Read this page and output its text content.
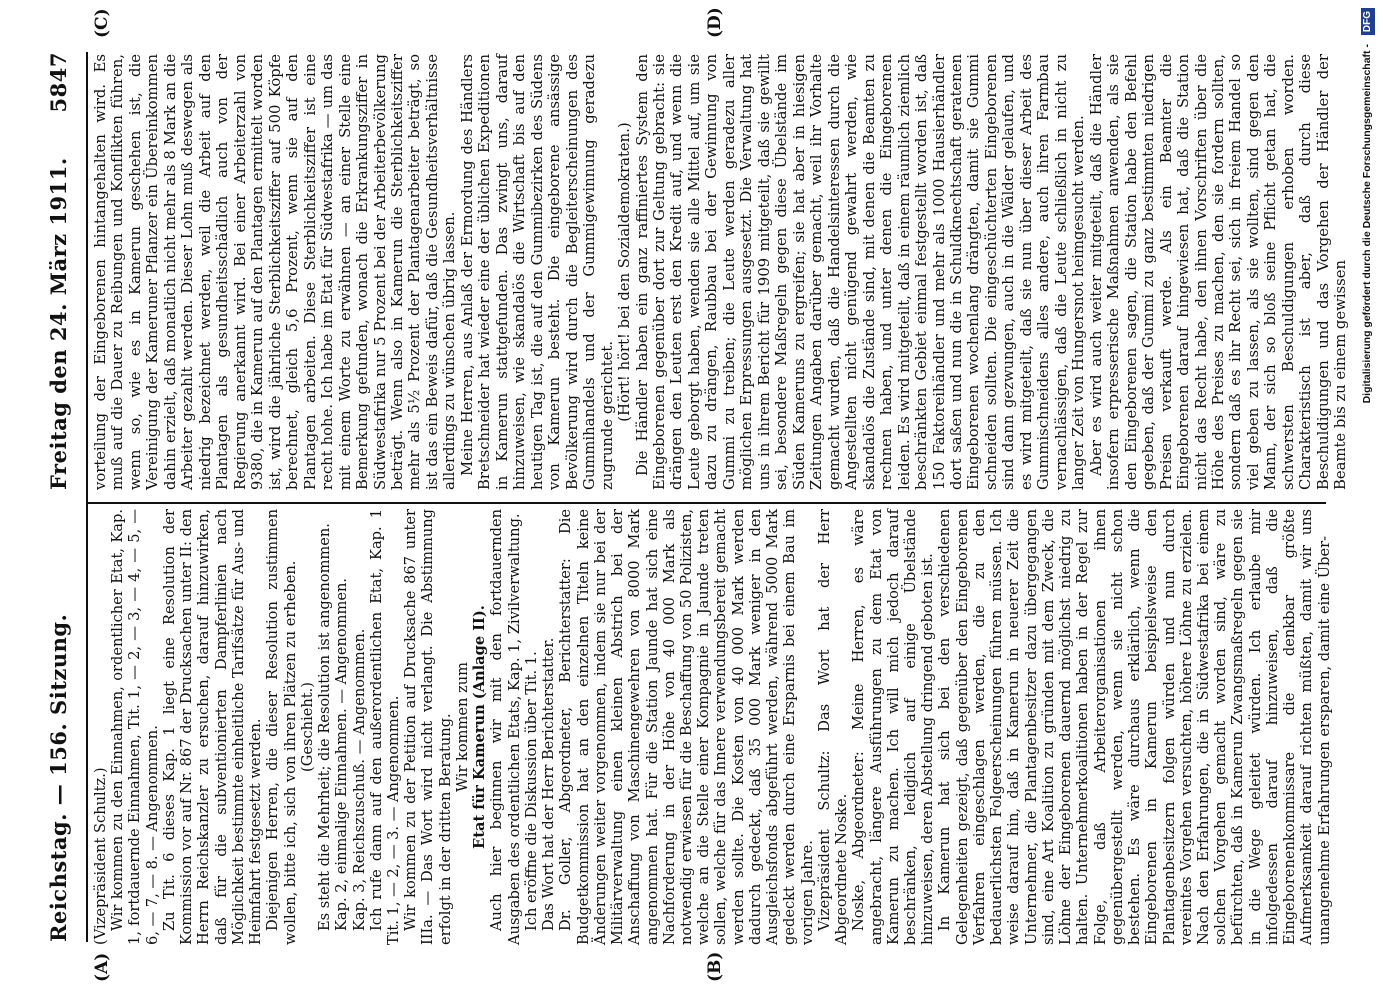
Reichstag. — 156. Sitzung.
Freitag den 24. März 1911.
5847
(A)	(B)
(C)	(D)

(Vizepräsident Schultz.) Wir kommen zu den Einnahmen, ordentlicher Etat, Kap. 1, fortdauernde Einnahmen, Tit. 1, — 2, — 3, — 4, — 5, — 6, — 7, — 8. — Angenommen. Zu Tit. 6 dieses Kap. 1 liegt eine Resolution der Kommission vor auf Nr. 867 der Drucksachen unter II: den Herrn Reichskanzler zu ersuchen, darauf hinzuwirken, daß für die subventionierten Dampferlinien nach Möglichkeit bestimmte einheitliche Tarifsätze für Aus- und Heimfahrt festgesetzt werden. Diejenigen Herren, die dieser Resolution zustimmen wollen, bitte ich, sich von ihren Plätzen zu erheben. (Geschieht.) Es steht die Mehrheit; die Resolution ist angenommen. Kap. 2, einmalige Einnahmen. — Angenommen. Kap. 3, Reichszuschuß. — Angenommen. Ich rufe dann auf den außerordentlichen Etat, Kap. 1 Tit. 1, — 2, — 3. — Angenommen. Wir kommen zu der Petition auf Drucksache 867 unter IIIa. — Das Wort wird nicht verlangt. Die Abstimmung erfolgt in der dritten Beratung. Wir kommen zum Etat für Kamerun (Anlage II). Auch hier beginnen wir mit den fortdauernden Ausgaben des ordentlichen Etats, Kap. 1, Zivilverwaltung. Ich eröffne die Diskussion über Tit. 1. Das Wort hat der Herr Berichterstatter. Dr. Goller, Abgeordneter, Berichterstatter: Die Budgetkommission hat an den einzelnen Titeln keine Änderungen weiter vorgenommen, indem sie nur bei der Militärverwaltung einen kleinen Abstrich bei der Anschaffung von Maschinengewehren von 8000 Mark angenommen hat. Für die Station Jaunde hat sich eine Nachforderung in der Höhe von 40 000 Mark als notwendig erwiesen für die Beschaffung von 50 Polizisten, welche an die Stelle einer Kompagnie in Jaunde treten sollen, welche für das Innere verwendungsbereit gemacht werden sollte. Die Kosten von 40 000 Mark werden dadurch gedeckt, daß 35 000 Mark weniger in den Ausgleichsfonds abgeführt werden, während 5000 Mark gedeckt werden durch eine Ersparnis bei einem Bau im vorigen Jahre. Vizepräsident Schultz: Das Wort hat der Herr Abgeordnete Noske. Noske, Abgeordneter: Meine Herren, es wäre angebracht, längere Ausführungen zu dem Etat von Kamerun zu machen. Ich will mich jedoch darauf beschränken, lediglich auf einige Übelstände hinzuweisen, deren Abstellung dringend geboten ist. In Kamerun hat sich bei den verschiedenen Gelegenheiten gezeigt, daß gegenüber den Eingeborenen Verfahren eingeschlagen werden, die zu den bedauerlichsten Folgeerscheinungen führen müssen. Ich weise darauf hin, daß in Kamerun in neuerer Zeit die Unternehmer, die Plantagenbesitzer dazu übergegangen sind, eine Art Koalition zu gründen mit dem Zweck, die Löhne der Eingeborenen dauernd möglichst niedrig zu halten. Unternehmerkoalitionen haben in der Regel zur Folge, daß Arbeiterorganisationen ihnen gegenübergestellt werden, wenn sie nicht schon bestehen. Es wäre durchaus erklärlich, wenn die Eingeborenen in Kamerun beispielsweise den Plantagenbesitzern folgen würden und nun durch vereintes Vorgehen versuchten, höhere Löhne zu erzielen. Nach den Erfahrungen, die in Südwestafrika bei einem solchen Vorgehen gemacht worden sind, wäre zu befürchten, daß in Kamerun Zwangsmaßregeln gegen sie in die Wege geleitet würden. Ich erlaube mir infolgedessen darauf hinzuweisen, daß die Eingeborenenkommissare die denkbar größte Aufmerksamkeit darauf richten müßten, damit wir uns unangenehme Erfahrungen ersparen, damit eine Über-

vorteilung der Eingeborenen hintangehalten wird. Es muß auf die Dauer zu Reibungen und Konflikten führen, wenn so, wie es in Kamerun geschehen ist, die Vereinigung der Kameruner Pflanzer ein Übereinkommen dahin erzielt, daß monatlich nicht mehr als 8 Mark an die Arbeiter gezahlt werden. Dieser Lohn muß deswegen als niedrig bezeichnet werden, weil die Arbeit auf den Plantagen als gesundheitsschädlich auch von der Regierung anerkannt wird. Bei einer Arbeiterzahl von 9380, die in Kamerun auf den Plantagen ermittelt worden ist, wird die jährliche Sterblichkeitsziffer auf 500 Köpfe berechnet, gleich 5,6 Prozent, wenn sie auf den Plantagen arbeiten. Diese Sterblichkeitsziffer ist eine recht hohe. Ich habe im Etat für Südwestafrika — um das mit einem Worte zu erwähnen — an einer Stelle eine Bemerkung gefunden, wonach die Erkrankungsziffer in Südwestafrika nur 5 Prozent bei der Arbeiterbevölkerung beträgt. Wenn also in Kamerun die Sterblichkeitsziffer mehr als 5½ Prozent der Plantagenarbeiter beträgt, so ist das ein Beweis dafür, daß die Gesundheitsverhältnisse allerdings zu wünschen übrig lassen. Meine Herren, aus Anlaß der Ermordung des Händlers Bretschneider hat wieder eine der üblichen Expeditionen in Kamerun stattgefunden. Das zwingt uns, darauf hinzuweisen, wie skandalös die Wirtschaft bis auf den heutigen Tag ist, die auf den Gummibezirken des Südens von Kamerun besteht. Die eingeborene ansässige Bevölkerung wird durch die Begleiterscheinungen des Gummihandels und der Gummigewinnung geradezu zugrunde gerichtet. (Hört! hört! bei den Sozialdemokraten.) Die Händler haben ein ganz raffiniertes System den Eingeborenen gegenüber dort zur Geltung gebracht: sie drängen den Leuten erst den Kredit auf, und wenn die Leute geborgt haben, wenden sie alle Mittel auf, um sie dazu zu drängen, Raubbau bei der Gewinnung von Gummi zu treiben; die Leute werden geradezu aller möglichen Erpressungen ausgesetzt. Die Verwaltung hat uns in ihrem Bericht für 1909 mitgeteilt, daß sie gewillt sei, besondere Maßregeln gegen diese Übelstände im Süden Kameruns zu ergreifen; sie hat aber in hiesigen Zeitungen Angaben darüber gemacht, weil ihr Vorhalte gemacht wurden, daß die Handelsinteressen durch die Angestellten nicht genügend gewahrt werden, wie skandalös die Zustände sind, mit denen die Beamten zu rechnen haben, und unter denen die Eingeborenen leiden. Es wird mitgeteilt, daß in einem räumlich ziemlich beschränkten Gebiet einmal festgestellt worden ist, daß 150 Faktoreihändler und mehr als 1000 Hausierhändler dort saßen und nun die in Schuldknechtschaft geratenen Eingeborenen wochenlang drängten, damit sie Gummi schneiden sollten. Die eingeschüchterten Eingeborenen sind dann gezwungen, auch in die Wälder gelaufen, und es wird mitgeteilt, daß sie nun über dieser Arbeit des Gummischneidens alles andere, auch ihren Farmbau vernachlässigen, daß die Leute schließlich in nicht zu langer Zeit von Hungersnot heimgesucht werden. Aber es wird auch weiter mitgeteilt, daß die Händler insofern erpresserische Maßnahmen anwenden, als sie den Eingeborenen sagen, die Station habe den Befehl gegeben, daß der Gummi zu ganz bestimmten niedrigen Preisen verkauft werde. Als ein Beamter die Eingeborenen darauf hingewiesen hat, daß die Station nicht das Recht habe, den ihnen Vorschriften über die Höhe des Preises zu machen, den sie fordern sollten, sondern daß es ihr Recht sei, sich in freiem Handel so viel geben zu lassen, als sie wollten, sind gegen den Mann, der sich so bloß seine Pflicht getan hat, die schwersten Beschuldigungen erhoben worden. Charakteristisch ist aber, daß durch diese Beschuldigungen und das Vorgehen der Händler der Beamte bis zu einem gewissen	Digitalisierung gefördert durch die Deutsche Forschungsgemeinschaft - DFG
